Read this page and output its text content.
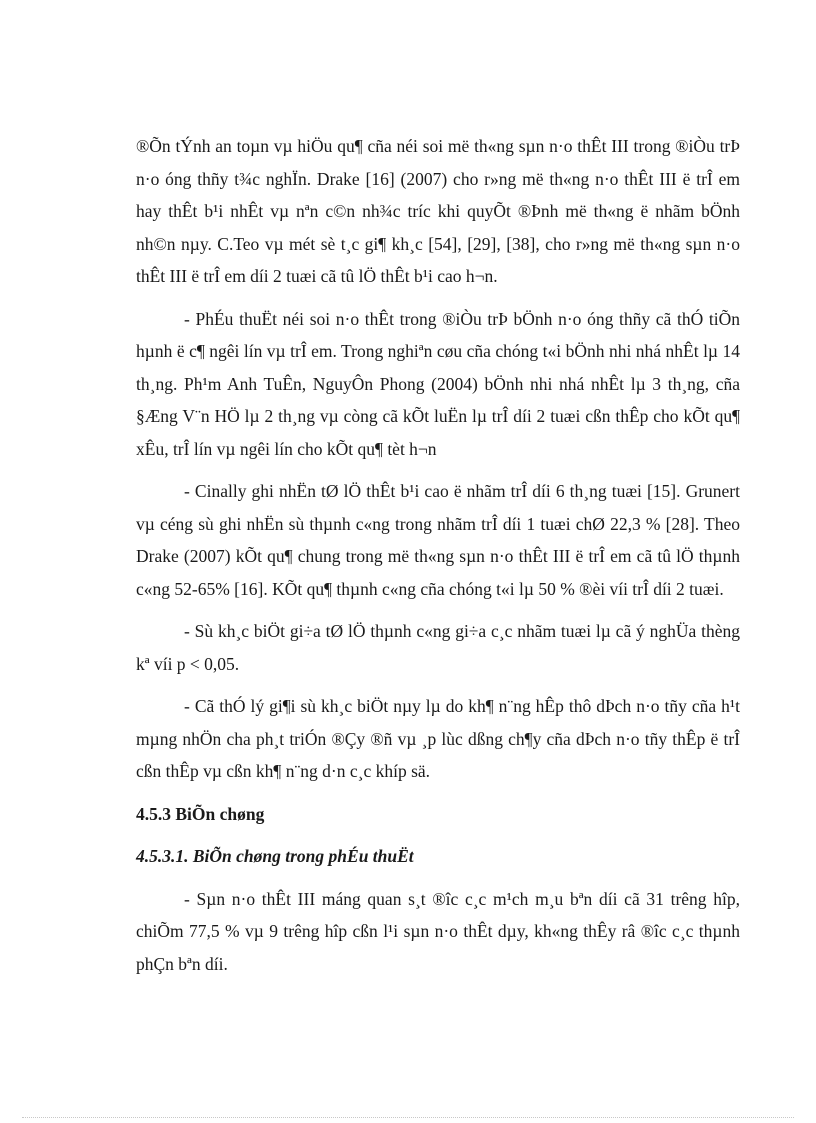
®Õn tÝnh an toµn vµ hiÖu qu¶ cña néi soi më th«ng sµn n·o thÊt III trong ®iÒu trÞ n·o óng thñy t¾c nghÏn. Drake [16] (2007) cho r»ng më th«ng n·o thÊt III ë trÎ em hay thÊt b¹i nhÊt vµ nªn c©n nh¾c tríc khi quyÕt ®Þnh më th«ng ë nhãm bÖnh nh©n nµy. C.Teo vµ mét sè t¸c gi¶ kh¸c [54], [29], [38], cho r»ng më th«ng sµn n·o thÊt III ë trÎ em díi 2 tuæi cã tû lÖ thÊt b¹i cao h¬n.

- PhÉu thuËt néi soi n·o thÊt trong ®iÒu trÞ bÖnh n·o óng thñy cã thÓ tiÕn hµnh ë c¶ ngêi lín vµ trÎ em. Trong nghiªn cøu cña chóng t«i bÖnh nhi nhá nhÊt lµ 14 th¸ng. Ph¹m Anh TuÊn, NguyÔn Phong (2004) bÖnh nhi nhá nhÊt lµ 3 th¸ng, cña §Æng V¨n HÖ lµ 2 th¸ng vµ còng cã kÕt luËn lµ trÎ díi 2 tuæi cßn thÊp cho kÕt qu¶ xÊu, trÎ lín vµ ngêi lín cho kÕt qu¶ tèt h¬n

- Cinally ghi nhËn tØ lÖ thÊt b¹i cao ë nhãm trÎ díi 6 th¸ng tuæi [15]. Grunert vµ céng sù ghi nhËn sù thµnh c«ng trong nhãm trÎ díi 1 tuæi chØ 22,3 % [28]. Theo Drake (2007) kÕt qu¶ chung trong më th«ng sµn n·o thÊt III ë trÎ em cã tû lÖ thµnh c«ng 52-65% [16]. KÕt qu¶ thµnh c«ng cña chóng t«i lµ 50 % ®èi víi trÎ díi 2 tuæi.

- Sù kh¸c biÖt gi÷a tØ lÖ thµnh c«ng gi÷a c¸c nhãm tuæi lµ cã ý nghÜa thèng kª víi p < 0,05.

- Cã thÓ lý gi¶i sù kh¸c biÖt nµy lµ do kh¶ n¨ng hÊp thô dÞch n·o tñy cña h¹t mµng nhÖn cha ph¸t triÓn ®Çy ®ñ vµ ¸p lùc dßng ch¶y cña dÞch n·o tñy thÊp ë trÎ cßn thÊp vµ cßn kh¶ n¨ng d·n c¸c khíp sä.

4.5.3 BiÕn chøng

4.5.3.1. BiÕn chøng trong phÉu thuËt

- Sµn n·o thÊt III máng quan s¸t ®îc c¸c m¹ch m¸u bªn díi cã 31 trêng hîp, chiÕm 77,5 % vµ 9 trêng hîp cßn l¹i sµn n·o thÊt dµy, kh«ng thÊy râ ®îc c¸c thµnh phÇn bªn díi.
